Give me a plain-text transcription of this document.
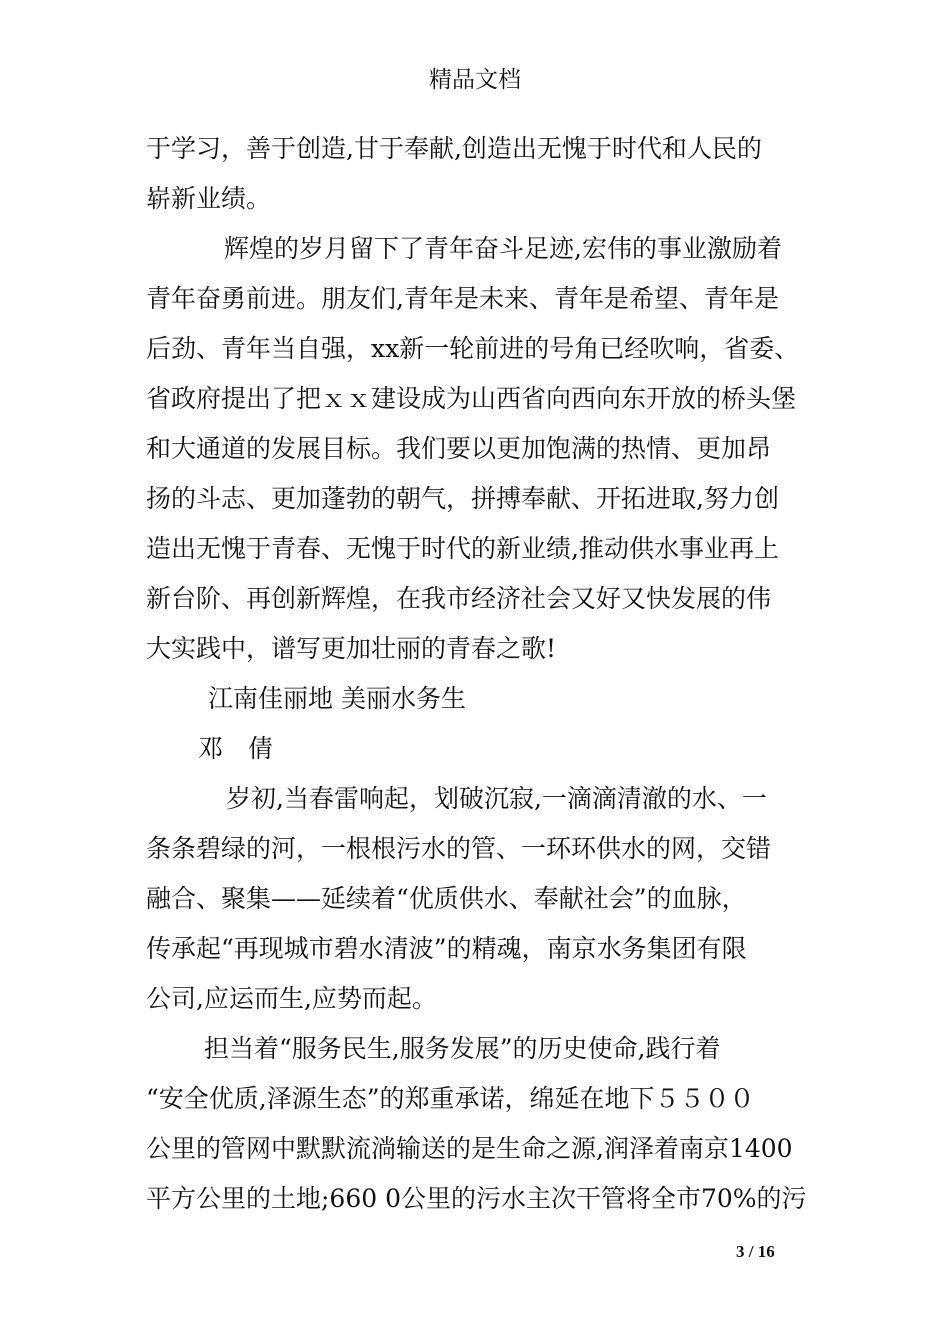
精品文档
于学习，善于创造,甘于奉献,创造出无愧于时代和人民的
崭新业绩。
辉煌的岁月留下了青年奋斗足迹,宏伟的事业激励着
青年奋勇前进。朋友们,青年是未来、青年是希望、青年是
后劲、青年当自强，xx新一轮前进的号角已经吹响，省委、
省政府提出了把ｘｘ建设成为山西省向西向东开放的桥头堡
和大通道的发展目标。我们要以更加饱满的热情、更加昂
扬的斗志、更加蓬勃的朝气，拼搏奉献、开拓进取,努力创
造出无愧于青春、无愧于时代的新业绩,推动供水事业再上
新台阶、再创新辉煌，在我市经济社会又好又快发展的伟
大实践中，谱写更加壮丽的青春之歌!
江南佳丽地 美丽水务生
邓　倩
岁初,当春雷响起，划破沉寂,一滴滴清澈的水、一
条条碧绿的河，一根根污水的管、一环环供水的网，交错
融合、聚集——延续着“优质供水、奉献社会”的血脉，
传承起“再现城市碧水清波”的精魂，南京水务集团有限
公司,应运而生,应势而起。
担当着“服务民生,服务发展”的历史使命,践行着
“安全优质,泽源生态”的郑重承诺，绵延在地下５５００
公里的管网中默默流淌输送的是生命之源,润泽着南京1400
平方公里的土地;660 0公里的污水主次干管将全市70%的污
3 / 16
